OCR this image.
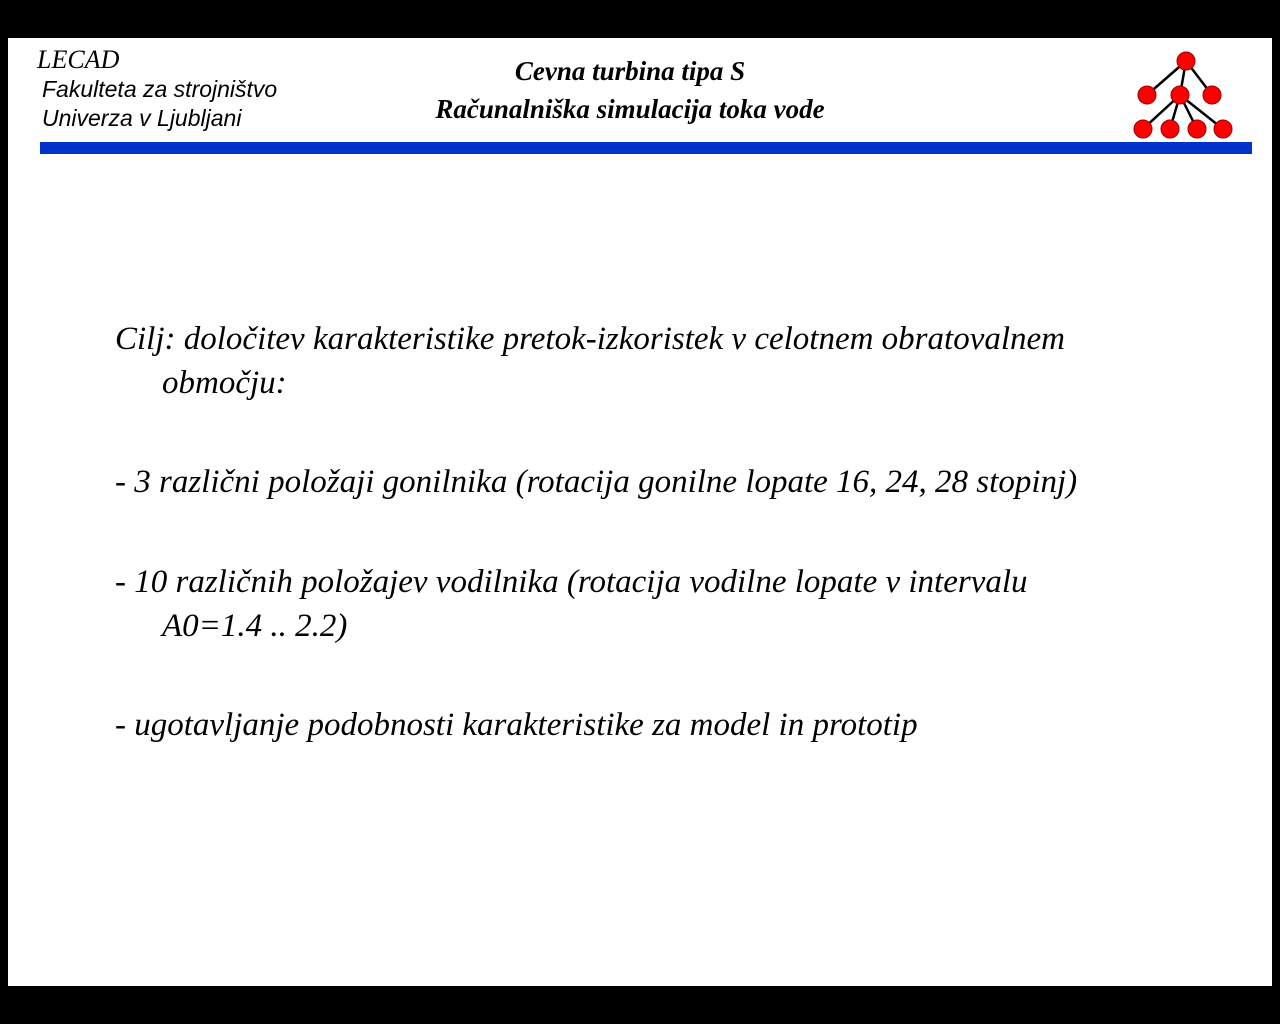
LECAD
Fakulteta za strojništvo
Univerza v Ljubljani
Cevna turbina tipa S
Računalniška simulacija toka vode
Cilj: določitev karakteristike pretok-izkoristek v celotnem obratovalnem
območju:
- 3 različni položaji gonilnika (rotacija gonilne lopate 16, 24, 28 stopinj)
- 10 različnih položajev vodilnika (rotacija vodilne lopate v intervalu
A0=1.4 .. 2.2)
- ugotavljanje podobnosti karakteristike za model in prototip
